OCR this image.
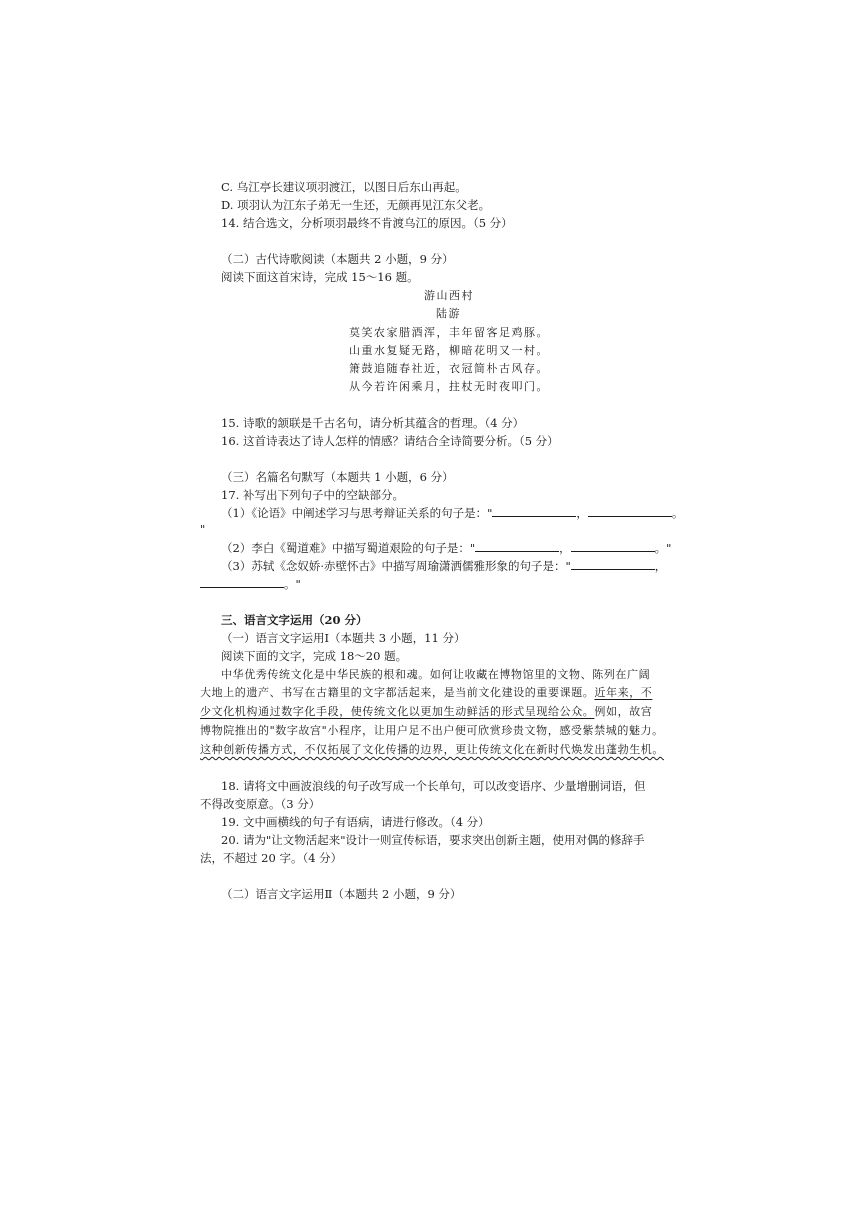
C. 乌江亭长建议项羽渡江，以图日后东山再起。
D. 项羽认为江东子弟无一生还，无颜再见江东父老。
14. 结合选文，分析项羽最终不肯渡乌江的原因。（5 分）
（二）古代诗歌阅读（本题共 2 小题，9 分）
阅读下面这首宋诗，完成 15～16 题。
游山西村
陆游
莫笑农家腊酒浑，丰年留客足鸡豚。
山重水复疑无路，柳暗花明又一村。
箫鼓追随春社近，衣冠简朴古风存。
从今若许闲乘月，拄杖无时夜叩门。
15. 诗歌的颔联是千古名句，请分析其蕴含的哲理。（4 分）
16. 这首诗表达了诗人怎样的情感？请结合全诗简要分析。（5 分）
（三）名篇名句默写（本题共 1 小题，6 分）
17. 补写出下列句子中的空缺部分。
（1）《论语》中阐述学习与思考辩证关系的句子是："	，	。
"
（2）李白《蜀道难》中描写蜀道艰险的句子是："	，	。"
（3）苏轼《念奴娇·赤壁怀古》中描写周瑜潇洒儒雅形象的句子是："	，
。"
三、语言文字运用（20 分）
（一）语言文字运用Ⅰ（本题共 3 小题，11 分）
阅读下面的文字，完成 18～20 题。
中华优秀传统文化是中华民族的根和魂。如何让收藏在博物馆里的文物、陈列在广阔
大地上的遗产、书写在古籍里的文字都活起来，是当前文化建设的重要课题。近年来，不
少文化机构通过数字化手段，使传统文化以更加生动鲜活的形式呈现给公众。例如，故宫
博物院推出的"数字故宫"小程序，让用户足不出户便可欣赏珍贵文物，感受紫禁城的魅力。
这种创新传播方式，不仅拓展了文化传播的边界，更让传统文化在新时代焕发出蓬勃生机。
18. 请将文中画波浪线的句子改写成一个长单句，可以改变语序、少量增删词语，但
不得改变原意。（3 分）
19. 文中画横线的句子有语病，请进行修改。（4 分）
20. 请为"让文物活起来"设计一则宣传标语，要求突出创新主题，使用对偶的修辞手
法，不超过 20 字。（4 分）
（二）语言文字运用Ⅱ（本题共 2 小题，9 分）
